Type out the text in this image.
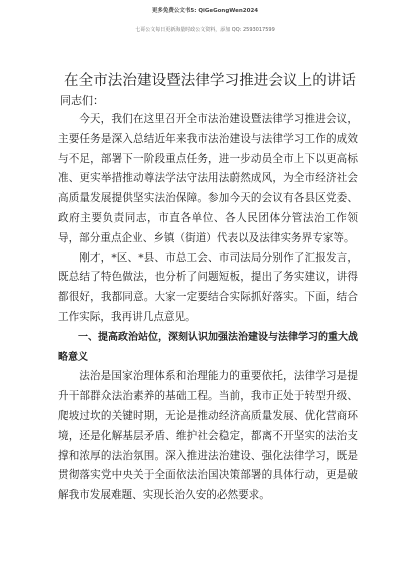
更多免费公文书5: QiGeGongWen2024
七哥公文每日更新海量时政公文资料，添加 QQ: 2593017599
在全市法治建设暨法律学习推进会议上的讲话
同志们：

今天，我们在这里召开全市法治建设暨法律学习推进会议，主要任务是深入总结近年来我市法治建设与法律学习工作的成效与不足，部署下一阶段重点任务，进一步动员全市上下以更高标准、更实举措推动尊法学法守法用法蔚然成风，为全市经济社会高质量发展提供坚实法治保障。参加今天的会议有各县区党委、政府主要负责同志，市直各单位、各人民团体分管法治工作领导，部分重点企业、乡镇（街道）代表以及法律实务界专家等。

刚才，*区、*县、市总工会、市司法局分别作了汇报发言，既总结了特色做法，也分析了问题短板，提出了务实建议，讲得都很好，我都同意。大家一定要结合实际抓好落实。下面，结合工作实际，我再讲几点意见。

一、提高政治站位，深刻认识加强法治建设与法律学习的重大战略意义

法治是国家治理体系和治理能力的重要依托，法律学习是提升干部群众法治素养的基础工程。当前，我市正处于转型升级、爬坡过坎的关键时期，无论是推动经济高质量发展、优化营商环境，还是化解基层矛盾、维护社会稳定，都离不开坚实的法治支撑和浓厚的法治氛围。深入推进法治建设、强化法律学习，既是贯彻落实党中央关于全面依法治国决策部署的具体行动，更是破解我市发展难题、实现长治久安的必然要求。
